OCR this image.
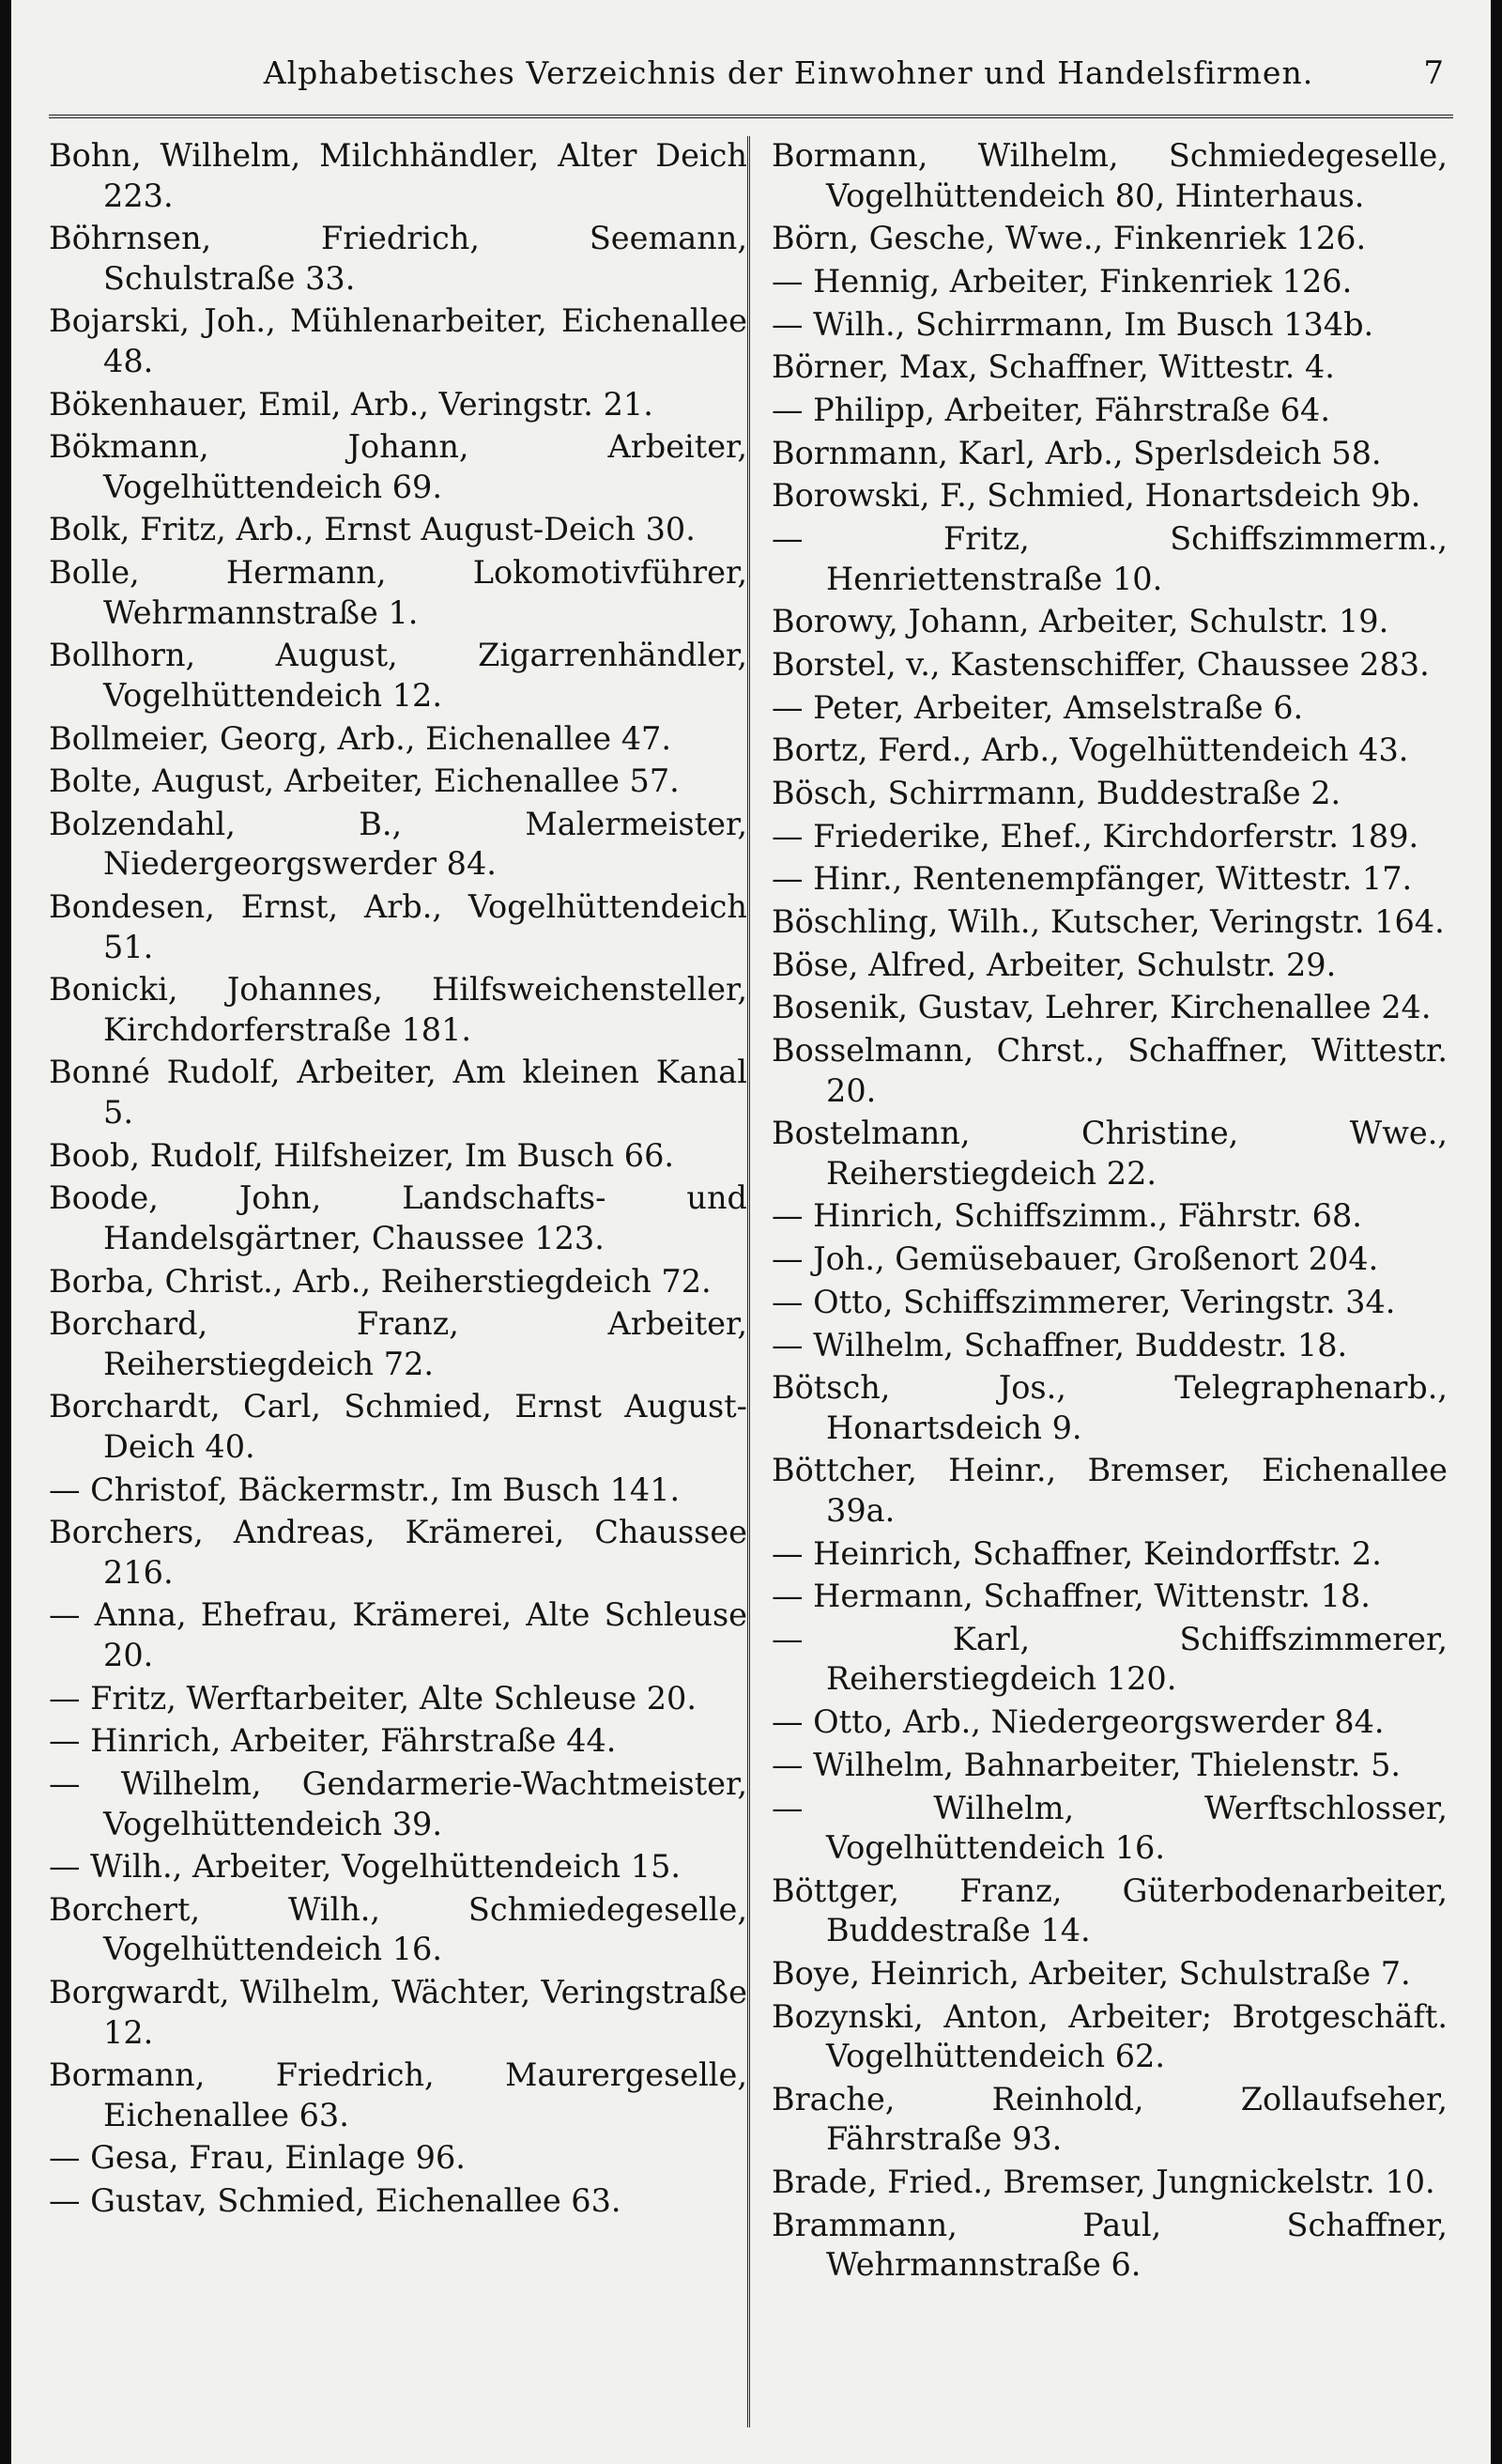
Alphabetisches Verzeichnis der Einwohner und Handelsfirmen.	7

Bohn, Wilhelm, Milchhändler, Alter Deich 223.

Böhrnsen, Friedrich, Seemann, Schulstraße 33.

Bojarski, Joh., Mühlenarbeiter, Eichenallee 48.

Bökenhauer, Emil, Arb., Veringstr. 21.

Bökmann, Johann, Arbeiter, Vogelhüttendeich 69.

Bolk, Fritz, Arb., Ernst August-Deich 30.

Bolle, Hermann, Lokomotivführer, Wehrmannstraße 1.

Bollhorn, August, Zigarrenhändler, Vogelhüttendeich 12.

Bollmeier, Georg, Arb., Eichenallee 47.

Bolte, August, Arbeiter, Eichenallee 57.

Bolzendahl, B., Malermeister, Niedergeorgswerder 84.

Bondesen, Ernst, Arb., Vogelhüttendeich 51.

Bonicki, Johannes, Hilfsweichensteller, Kirchdorferstraße 181.

Bonné Rudolf, Arbeiter, Am kleinen Kanal 5.

Boob, Rudolf, Hilfsheizer, Im Busch 66.

Boode, John, Landschafts- und Handelsgärtner, Chaussee 123.

Borba, Christ., Arb., Reiherstiegdeich 72.

Borchard, Franz, Arbeiter, Reiherstiegdeich 72.

Borchardt, Carl, Schmied, Ernst August-Deich 40.

— Christof, Bäckermstr., Im Busch 141.

Borchers, Andreas, Krämerei, Chaussee 216.

— Anna, Ehefrau, Krämerei, Alte Schleuse 20.

— Fritz, Werftarbeiter, Alte Schleuse 20.

— Hinrich, Arbeiter, Fährstraße 44.

— Wilhelm, Gendarmerie-Wachtmeister, Vogelhüttendeich 39.

— Wilh., Arbeiter, Vogelhüttendeich 15.

Borchert, Wilh., Schmiedegeselle, Vogelhüttendeich 16.

Borgwardt, Wilhelm, Wächter, Veringstraße 12.

Bormann, Friedrich, Maurergeselle, Eichenallee 63.

— Gesa, Frau, Einlage 96.

— Gustav, Schmied, Eichenallee 63.

Bormann, Wilhelm, Schmiedegeselle, Vogelhüttendeich 80, Hinterhaus.

Börn, Gesche, Wwe., Finkenriek 126.

— Hennig, Arbeiter, Finkenriek 126.

— Wilh., Schirrmann, Im Busch 134b.

Börner, Max, Schaffner, Wittestr. 4.

— Philipp, Arbeiter, Fährstraße 64.

Bornmann, Karl, Arb., Sperlsdeich 58.

Borowski, F., Schmied, Honartsdeich 9b.

— Fritz, Schiffszimmerm., Henriettenstraße 10.

Borowy, Johann, Arbeiter, Schulstr. 19.

Borstel, v., Kastenschiffer, Chaussee 283.

— Peter, Arbeiter, Amselstraße 6.

Bortz, Ferd., Arb., Vogelhüttendeich 43.

Bösch, Schirrmann, Buddestraße 2.

— Friederike, Ehef., Kirchdorferstr. 189.

— Hinr., Rentenempfänger, Wittestr. 17.

Böschling, Wilh., Kutscher, Veringstr. 164.

Böse, Alfred, Arbeiter, Schulstr. 29.

Bosenik, Gustav, Lehrer, Kirchenallee 24.

Bosselmann, Chrst., Schaffner, Wittestr. 20.

Bostelmann, Christine, Wwe., Reiherstiegdeich 22.

— Hinrich, Schiffszimm., Fährstr. 68.

— Joh., Gemüsebauer, Großenort 204.

— Otto, Schiffszimmerer, Veringstr. 34.

— Wilhelm, Schaffner, Buddestr. 18.

Bötsch, Jos., Telegraphenarb., Honartsdeich 9.

Böttcher, Heinr., Bremser, Eichenallee 39a.

— Heinrich, Schaffner, Keindorffstr. 2.

— Hermann, Schaffner, Wittenstr. 18.

— Karl, Schiffszimmerer, Reiherstiegdeich 120.

— Otto, Arb., Niedergeorgswerder 84.

— Wilhelm, Bahnarbeiter, Thielenstr. 5.

— Wilhelm, Werftschlosser, Vogelhüttendeich 16.

Böttger, Franz, Güterbodenarbeiter, Buddestraße 14.

Boye, Heinrich, Arbeiter, Schulstraße 7.

Bozynski, Anton, Arbeiter; Brotgeschäft. Vogelhüttendeich 62.

Brache, Reinhold, Zollaufseher, Fährstraße 93.

Brade, Fried., Bremser, Jungnickelstr. 10.

Brammann, Paul, Schaffner, Wehrmannstraße 6.
